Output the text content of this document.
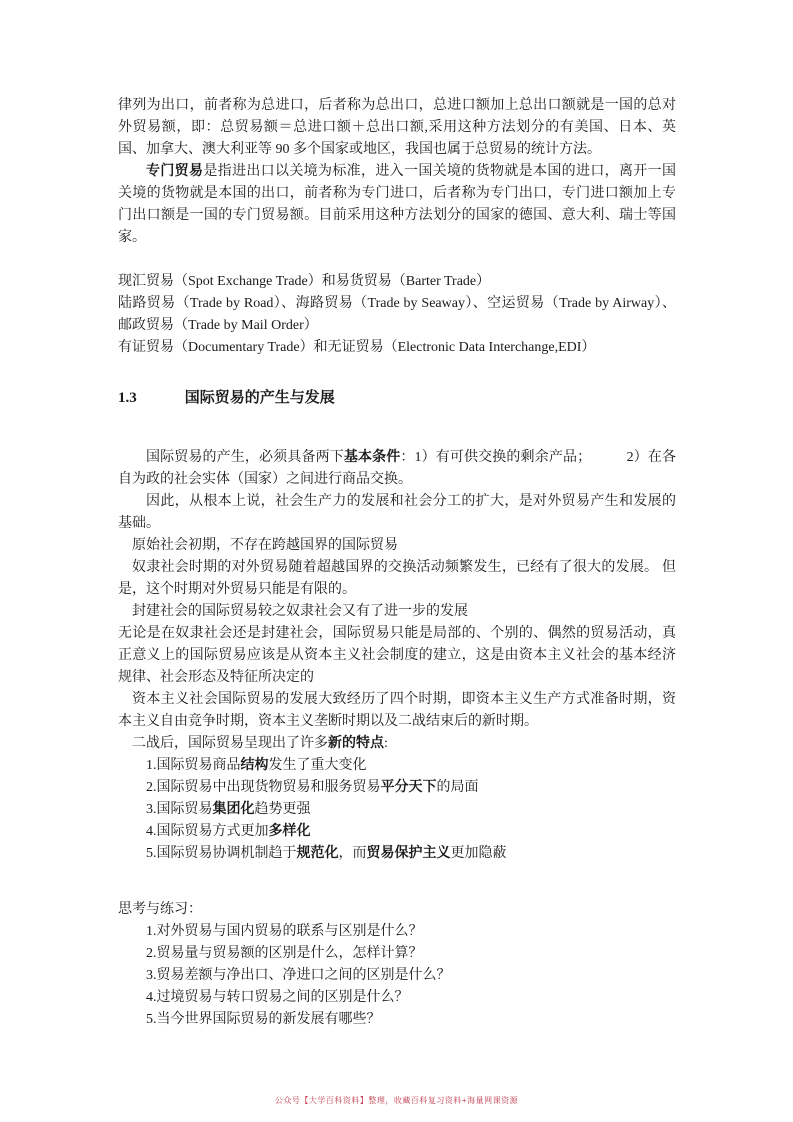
律列为出口，前者称为总进口，后者称为总出口，总进口额加上总出口额就是一国的总对外贸易额，即：总贸易额＝总进口额＋总出口额,采用这种方法划分的有美国、日本、英国、加拿大、澳大利亚等 90 多个国家或地区，我国也属于总贸易的统计方法。

专门贸易是指进出口以关境为标准，进入一国关境的货物就是本国的进口，离开一国关境的货物就是本国的出口，前者称为专门进口，后者称为专门出口，专门进口额加上专门出口额是一国的专门贸易额。目前采用这种方法划分的国家的德国、意大利、瑞士等国家。

现汇贸易（Spot Exchange Trade）和易货贸易（Barter Trade）

陆路贸易（Trade by Road）、海路贸易（Trade by Seaway）、空运贸易（Trade by Airway）、邮政贸易（Trade by Mail Order）

有证贸易（Documentary Trade）和无证贸易（Electronic Data Interchange,EDI）

1.3	国际贸易的产生与发展

国际贸易的产生，必须具备两下基本条件：1）有可供交换的剩余产品；　　　2）在各自为政的社会实体（国家）之间进行商品交换。

因此，从根本上说，社会生产力的发展和社会分工的扩大，是对外贸易产生和发展的基础。

原始社会初期，不存在跨越国界的国际贸易

奴隶社会时期的对外贸易随着超越国界的交换活动频繁发生，已经有了很大的发展。 但是，这个时期对外贸易只能是有限的。

封建社会的国际贸易较之奴隶社会又有了进一步的发展

无论是在奴隶社会还是封建社会，国际贸易只能是局部的、个别的、偶然的贸易活动，真正意义上的国际贸易应该是从资本主义社会制度的建立，这是由资本主义社会的基本经济规律、社会形态及特征所决定的

资本主义社会国际贸易的发展大致经历了四个时期，即资本主义生产方式准备时期，资本主义自由竞争时期，资本主义垄断时期以及二战结束后的新时期。

二战后，国际贸易呈现出了许多新的特点:

1.国际贸易商品结构发生了重大变化

2.国际贸易中出现货物贸易和服务贸易平分天下的局面

3.国际贸易集团化趋势更强

4.国际贸易方式更加多样化

5.国际贸易协调机制趋于规范化，而贸易保护主义更加隐蔽

思考与练习：

1.对外贸易与国内贸易的联系与区别是什么？

2.贸易量与贸易额的区别是什么，怎样计算？

3.贸易差额与净出口、净进口之间的区别是什么？

4.过境贸易与转口贸易之间的区别是什么？

5.当今世界国际贸易的新发展有哪些？

公众号【大学百科资料】整理，收藏百科复习资料+海量网课资源
